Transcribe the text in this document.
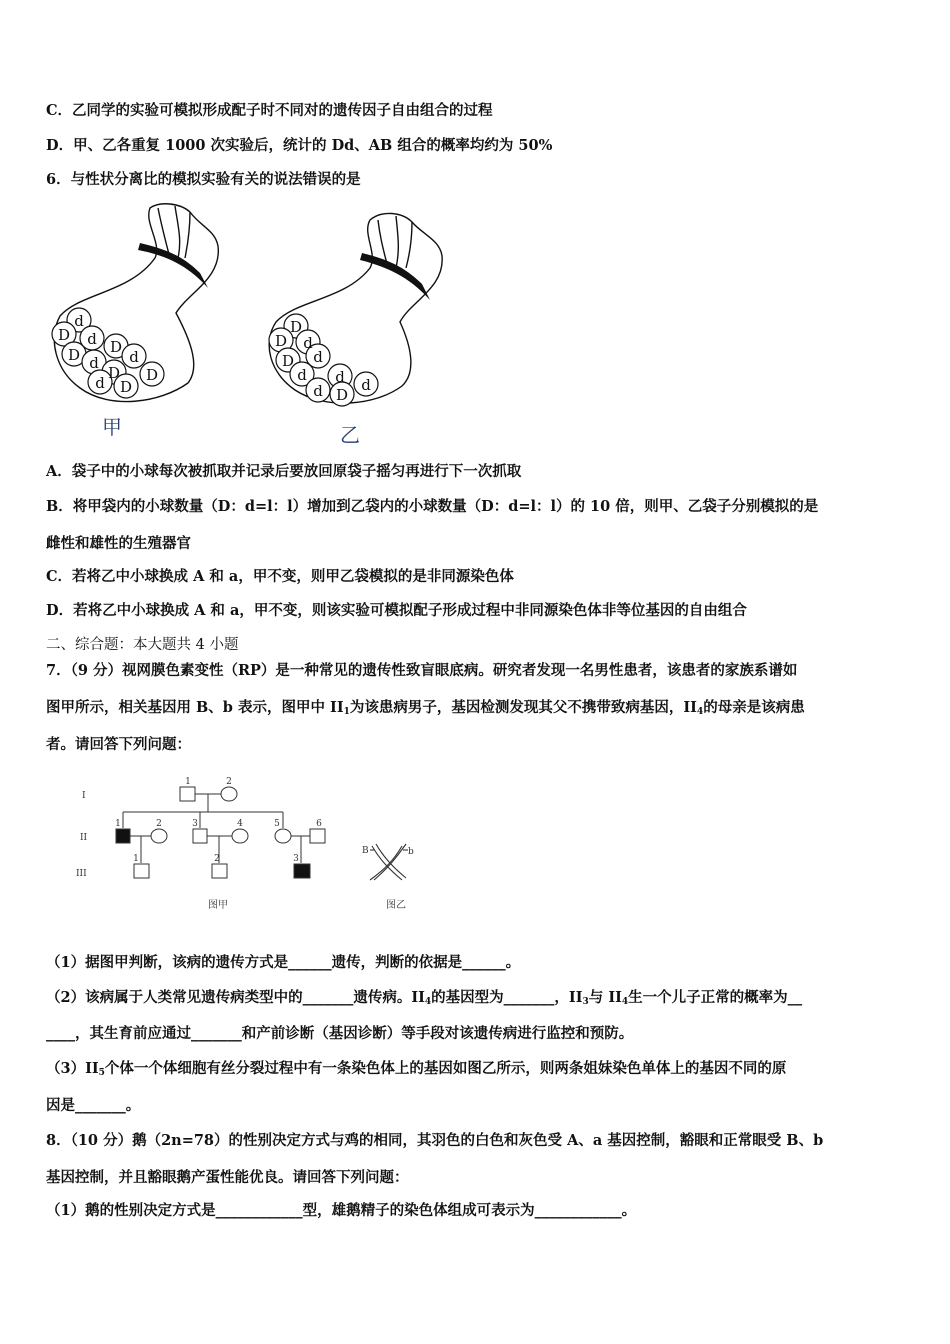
C．乙同学的实验可模拟形成配子时不同对的遗传因子自由组合的过程
D．甲、乙各重复 1000 次实验后，统计的 Dd、AB 组合的概率均约为 50%
6．与性状分离比的模拟实验有关的说法错误的是
d
D d
D D
d d
D
d D
D
甲
D
D d
D d
d d
d D
d
乙
A．袋子中的小球每次被抓取并记录后要放回原袋子摇匀再进行下一次抓取
B．将甲袋内的小球数量（D：d=l：l）增加到乙袋内的小球数量（D：d=l：l）的 10 倍，则甲、乙袋子分别模拟的是
雌性和雄性的生殖器官
C．若将乙中小球换成 A 和 a，甲不变，则甲乙袋模拟的是非同源染色体
D．若将乙中小球换成 A 和 a，甲不变，则该实验可模拟配子形成过程中非同源染色体非等位基因的自由组合
二、综合题：本大题共 4 小题
7．（9 分）视网膜色素变性（RP）是一种常见的遗传性致盲眼底病。研究者发现一名男性患者，该患者的家族系谱如
图甲所示，相关基因用 B、b 表示，图甲中 $II_1$为该患病男子，基因检测发现其父不携带致病基因，$II_4$的母亲是该病患
者。请回答下列问题：
I
II
III
1	2
1	2	3	4	5	6
1	2	3
图甲
B	b
图乙
（1）据图甲判断，该病的遗传方式是______遗传，判断的依据是______。
（2）该病属于人类常见遗传病类型中的_______遗传病。$II_4$的基因型为_______，$II_3$与 $II_4$生一个儿子正常的概率为__
____，其生育前应通过_______和产前诊断（基因诊断）等手段对该遗传病进行监控和预防。
$(3)II_5$个体一个体细胞有丝分裂过程中有一条染色体上的基因如图乙所示，则两条姐妹染色单体上的基因不同的原
因是_______。
8．（10 分）鹅（2n=78）的性别决定方式与鸡的相同，其羽色的白色和灰色受 A、a 基因控制，豁眼和正常眼受 B、b
基因控制，并且豁眼鹅产蛋性能优良。请回答下列问题：
（1）鹅的性别决定方式是____________型，雄鹅精子的染色体组成可表示为____________。
